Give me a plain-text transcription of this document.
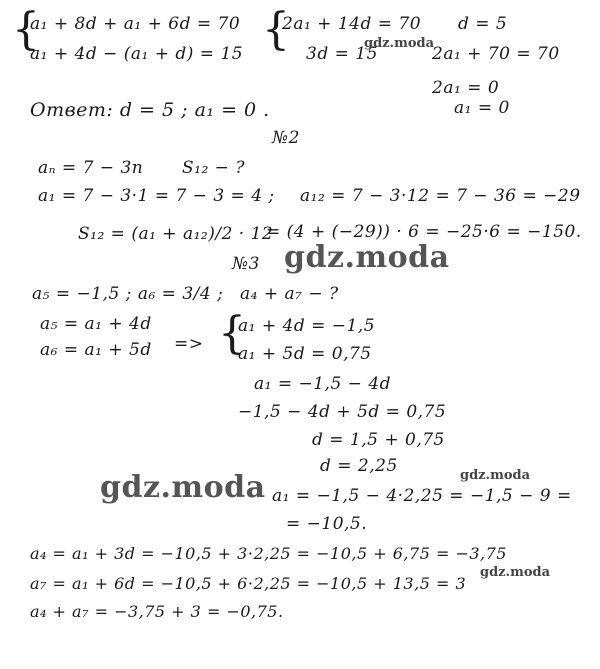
{	{
{
a₁ + 8d + a₁ + 6d = 70
a₁ + 4d − (a₁ + d) = 15
2a₁ + 14d = 70
3d = 15
d = 5
2a₁ + 70 = 70
2a₁ = 0
a₁ = 0
Ответ: d = 5 ; a₁ = 0 .
№2
aₙ = 7 − 3n S₁₂ − ?
a₁ = 7 − 3·1 = 7 − 3 = 4 ; a₁₂ = 7 − 3·12 = 7 − 36 = −29
S₁₂ = (a₁ + a₁₂)/2 · 12
= (4 + (−29)) · 6 = −25·6 = −150.
№3
a₅ = −1,5 ; a₆ = 3/4 ; a₄ + a₇ − ?
a₅ = a₁ + 4d
a₆ = a₁ + 5d =>
a₁ + 4d = −1,5
a₁ + 5d = 0,75
a₁ = −1,5 − 4d
−1,5 − 4d + 5d = 0,75
d = 1,5 + 0,75
d = 2,25
a₁ = −1,5 − 4·2,25 = −1,5 − 9 =
= −10,5.
a₄ = a₁ + 3d = −10,5 + 3·2,25 = −10,5 + 6,75 = −3,75
a₇ = a₁ + 6d = −10,5 + 6·2,25 = −10,5 + 13,5 = 3
a₄ + a₇ = −3,75 + 3 = −0,75.
gdz.moda
gdz.moda
gdz.moda
gdz.moda
gdz.moda
